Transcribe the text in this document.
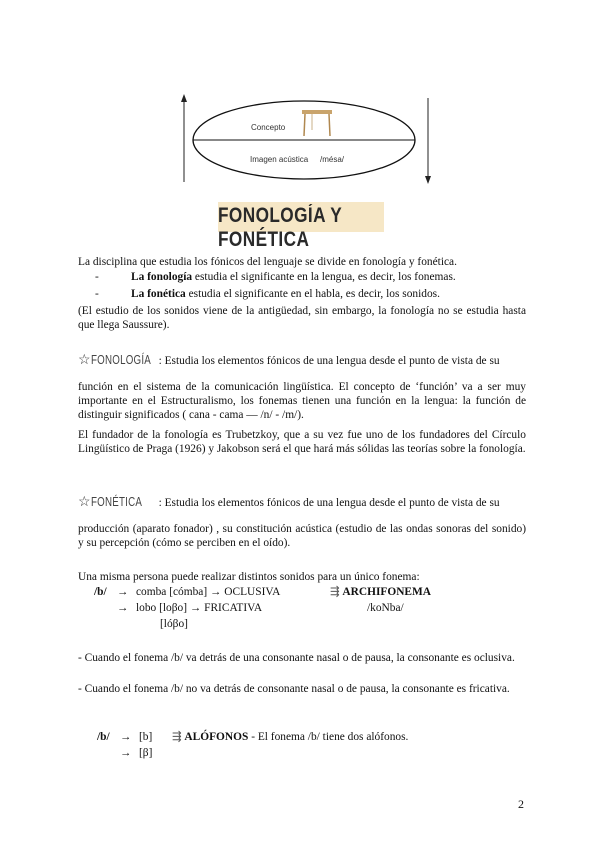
Concepto
Imagen acústica /mésa/
FONOLOGÍA Y FONÉTICA
La disciplina que estudia los fónicos del lenguaje se divide en fonología y fonética.
-	La fonología estudia el significante en la lengua, es decir, los fonemas.
-	La fonética estudia el significante en el habla, es decir, los sonidos.
(El estudio de los sonidos viene de la antigüedad, sin embargo, la fonología no se estudia hasta que llega Saussure).
☆FONOLOGÍA : Estudia los elementos fónicos de una lengua desde el punto de vista de su
función en el sistema de la comunicación lingüística. El concepto de ‘función’ va a ser muy importante en el Estructuralismo, los fonemas tienen una función en la lengua: la función de distinguir significados ( cana - cama — /n/ - /m/).
El fundador de la fonología es Trubetzkoy, que a su vez fue uno de los fundadores del Círculo Lingüístico de Praga (1926) y Jakobson será el que hará más sólidas las teorías sobre la fonología.
☆FONÉTICA : Estudia los elementos fónicos de una lengua desde el punto de vista de su
producción (aparato fonador) , su constitución acústica (estudio de las ondas sonoras del sonido) y su percepción (cómo se perciben en el oído).
Una misma persona puede realizar distintos sonidos para un único fonema:
/b/ → comba [cómba] → OCLUSIVA	⇶ ARCHIFONEMA
→ lobo [loβo] → FRICATIVA	/koNba/
[lóβo]
- Cuando el fonema /b/ va detrás de una consonante nasal o de pausa, la consonante es oclusiva.
- Cuando el fonema /b/ no va detrás de consonante nasal o de pausa, la consonante es fricativa.
/b/ → [b] ⇶ ALÓFONOS - El fonema /b/ tiene dos alófonos.
→ [β]
2
